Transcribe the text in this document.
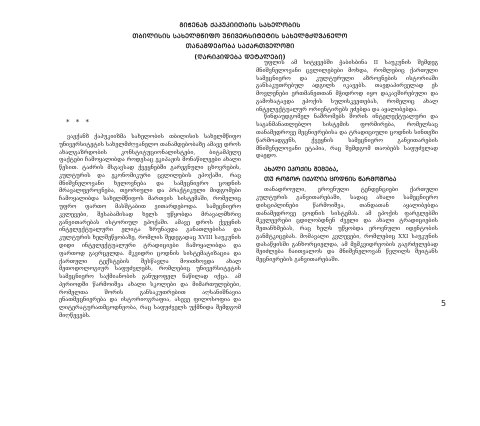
ᲒᲘᲭᲔᲜᲐᲖ ᲥᲐᲞᲣᲙᲘᲘᲗᲑᲘᲡ ᲡᲐᲮᲔᲚᲝᲑᲘᲡ
ᲗᲑᲘᲚᲘᲡᲘᲡ ᲡᲐᲮᲔᲚᲛᲬᲘᲤᲝ ᲣᲜᲘᲕᲔᲠᲡᲘᲢᲔᲢᲘᲡ ᲡᲐᲮᲔᲚᲛᲫᲦᲕᲐᲜᲔᲚᲝ
ᲗᲐᲜᲐᲛᲓᲔᲑᲝᲑᲐ ᲡᲐᲥᲐᲠᲗᲕᲔᲚᲝᲨᲘ
(ᲦᲐᲠᲘᲞᲘᲓᲔᲑᲐ ᲓᲔᲢᲐᲚᲔᲑᲘ)
* * *

ვაჟქანზ ქაპუკიიზმა სახელობის თბილისის სახელმწიფო უნივერსიტეტის სახელმძღვანელო თანამდებობაზე ამავე დროს ახალგაზრდობის კონსტიტუციონალისტები, ბიტამპელე ფაქტები ჩამოყალიბდა როდესაც ეკიპაჟის მონაწილეები ახალი წესით. ტაძრის მსგავსად ქვეყნებში გარეგნული ცხოვრების, კულტურის და ეკონომიკური ცვლილების ეპოქაში, რაც მნიშვნელოვანი ხელოვნება და სამეცნიერო ცოდნის მრავალფეროვნება, თეორიული და პრაქტიკული მიდგომები ჩამოყალიბდა სახელმწიფოს მართვის სისტემაში, რომელიც უფრო ფართო მასშტაბით ვითარდებოდა. სამეცნიერო კვლევები, შესაბამისად ხელს უწყობდა მრავალმხრივ განვითარებას ისტორიულ ეპოქაში. ამავე დროს ქვეყნის ინტელექტუალური ელიტა ზრუნავდა განათლებისა და კულტურის ხელშეწყობაზე, რომლის შედეგადაც XVIII საუკუნის დიდი ინტელექტუალური ტრადიციები ჩამოყალიბდა და ფართოდ გავრცელდა. მკვიდრი ცოდნის სისტემატიზაცია და ქართული ტექსტების შესწავლა მოითხოვდა ახალ მეთოდოლოგიურ საფუძვლებს, რომლებიც უნივერსიტეტის სამეცნიერო საქმიანობის განუყოფელ ნაწილად იქცა. ამ პერიოდში წარმოიშვა ახალი სკოლები და მიმართულებები, რომელთა შორის განსაკუთრებით აღსანიშნავია ენათმეცნიერება და ისტორიოგრაფია, ასევე ფილოსოფია და ლიტერატურათმცოდნეობა, რაც საფუძველს უქმნიდა შემდგომ მიღწევებს.

უფლის ამ სიტყვებში ჭაბისბინა II საუკუნის შემდეგ მნიშვნელოვანი ცვლილებები მოხდა, რომლებიც ქართული სამეცნიერო და კულტურული აზროვნების ისტორიაში განსაკუთრებულ ადგილს იკავებს. თავდაპირველად ეს მოვლენები ერთმანეთთან მჭიდროდ იყო დაკავშირებული და გამოხატავდა ეპოქის სულისკვეთებას, რომელიც ახალ ინტელექტუალურ ორიენტირებს ეძებდა და აყალიბებდა.

წინდაუდგომელ ნაშრომებს შორის ინტელექტუალური და საგანმანათლებლო სისტემის ფორმირება, რომელსაც თანამედროვე მეცნიერებისა და ტრადიციული ცოდნის სინთეზი წარმოადგენს, ქვეყნის სამეცნიერო განვითარების მნიშვნელოვანი ეტაპია, რაც შემდგომ თაობებს საფუძვლად დაედო.

ᲐᲮᲐᲚᲘ ᲔᲞᲝᲥᲘᲡ ᲨᲔᲛᲔᲑᲐ,
ᲗᲣ ᲠᲝᲒᲝᲠ ᲘᲥᲐᲚᲘᲐ ᲪᲝᲓᲜᲘᲡ ᲬᲐᲠᲛᲝᲨᲝᲑᲐ

თანადროული, ეროვნული ტენდენციები ქართული კულტურის განვითარებაში, სადაც ახალი სამეცნიერო დისციპლინები წარმოიშვა, თანდათან აყალიბებდა თანამედროვე ცოდნის სისტემას. ამ ეპოქის ფარგლებში მკვლევრები ცდილობდნენ ძველი და ახალი ტრადიციების შეთანხმებას, რაც ხელს უწყობდა ეროვნული იდენტობის განმტკიცებას. მომავალი კვლევები, რომლებიც XXI საუკუნის დასაწყისში განხორციელდა, ამ მემკვიდრეობის გაგრძელებად შეიძლება ჩაითვალოს და მნიშვნელოვან წვლილს შეიტანს მეცნიერების განვითარებაში.

5
